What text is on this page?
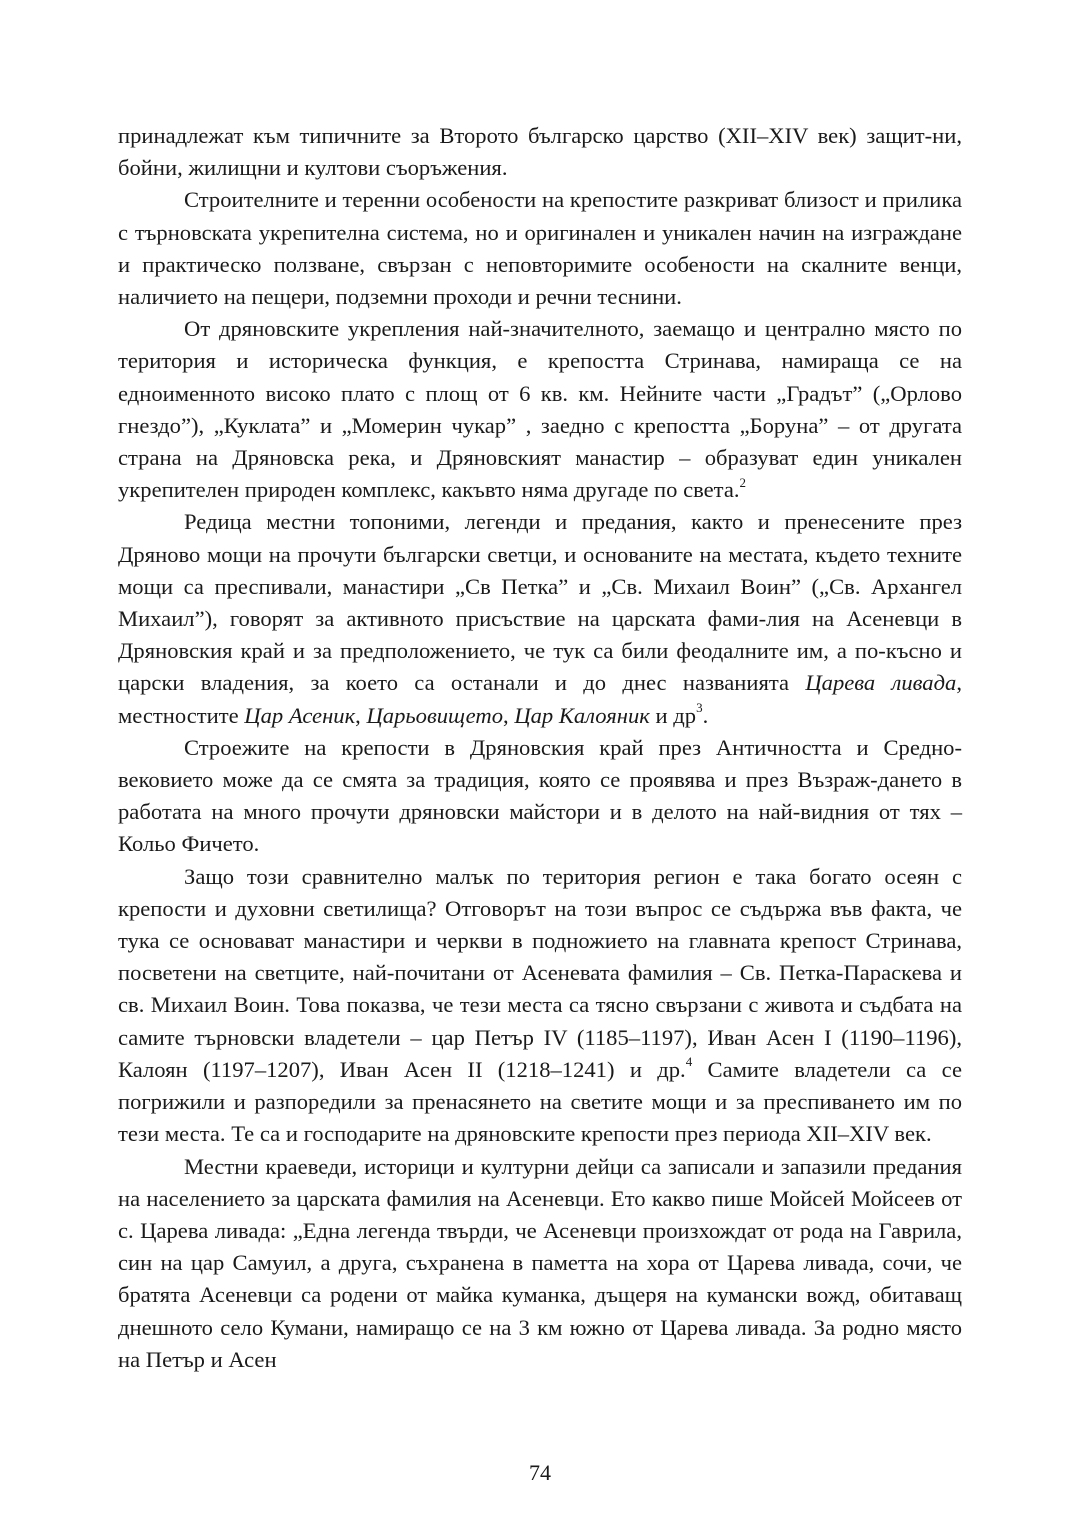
принадлежат към типичните за Второто българско царство (XII–XIV век) защит-ни, бойни, жилищни и култови съоръжения.

Строителните и теренни особености на крепостите разкриват близост и прилика с търновската укрепителна система, но и оригинален и уникален начин на изграждане и практическо ползване, свързан с неповторимите особености на скалните венци, наличието на пещери, подземни проходи и речни теснини.

От дряновските укрепления най-значителното, заемащо и централно място по територия и историческа функция, е крепостта Стринава, намираща се на едноименното високо плато с площ от 6 кв. км. Нейните части „Градът” („Орлово гнездо”), „Куклата” и „Момерин чукар” , заедно с крепостта „Боруна” – от другата страна на Дряновска река, и Дряновският манастир – образуват един уникален укрепителен природен комплекс, какъвто няма другаде по света.$^2$

Редица местни топоними, легенди и предания, както и пренесените през Дряново мощи на прочути български светци, и основаните на местата, където техните мощи са преспивали, манастири „Св Петка” и „Св. Михаил Воин” („Св. Архангел Михаил”), говорят за активното присъствие на царската фами-лия на Асеневци в Дряновския край и за предположението, че тук са били феодалните им, а по-късно и царски владения, за което са останали и до днес названията Царева ливада, местностите Цар Асеник, Царьовището, Цар Калояник и $др^3$.

Строежите на крепости в Дряновския край през Античността и Средно-вековието може да се смята за традиция, която се проявява и през Възраж-дането в работата на много прочути дряновски майстори и в делото на най-видния от тях – Кольо Фичето.

Защо този сравнително малък по територия регион е така богато осеян с крепости и духовни светилища? Отговорът на този въпрос се съдържа във факта, че тука се основават манастири и черкви в подножието на главната крепост Стринава, посветени на светците, най-почитани от Асеневата фамилия – Св. Петка-Параскева и св. Михаил Воин. Това показва, че тези места са тясно свързани с живота и съдбата на самите търновски владетели – цар Петър IV (1185–1197), Иван Асен I (1190–1196), Калоян (1197–1207), Иван Асен II (1218–1241) и др.$^4$ Самите владетели са се погрижили и разпоредили за пренасянето на светите мощи и за преспиването им по тези места. Те са и господарите на дряновските крепости през периода XII–XIV век.

Местни краеведи, историци и културни дейци са записали и запазили предания на населението за царската фамилия на Асеневци. Ето какво пише Мойсей Мойсеев от с. Царева ливада: „Една легенда твърди, че Асеневци произхождат от рода на Гаврила, син на цар Самуил, а друга, съхранена в паметта на хора от Царева ливада, сочи, че братята Асеневци са родени от майка куманка, дъщеря на кумански вожд, обитаващ днешното село Кумани, намиращо се на 3 км южно от Царева ливада. За родно място на Петър и Асен

74
